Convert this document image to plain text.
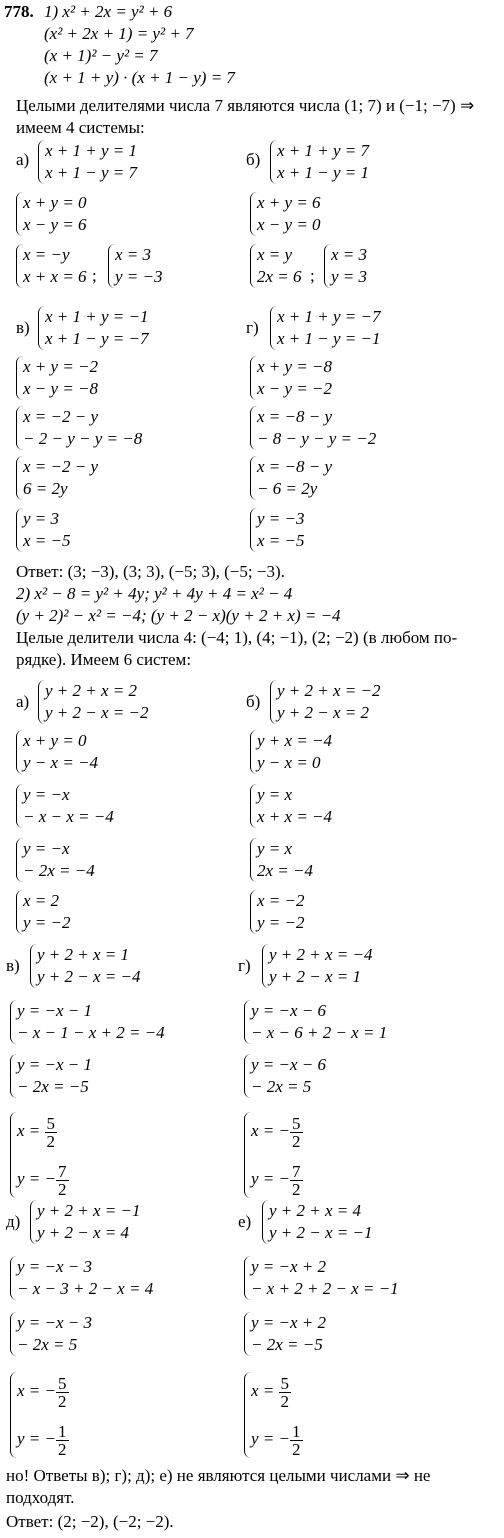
778. 1) x² + 2x = y² + 6
(x² + 2x + 1) = y² + 7
(x + 1)² − y² = 7
(x + 1 + y) · (x + 1 − y) = 7
Целыми делителями числа 7 являются числа (1; 7) и (−1; −7) ⇒
имеем 4 системы:
а) x + 1 + y = 1
x + 1 − y = 7
x + y = 0
x − y = 6
x = −y
x + x = 6 ;
x = 3
y = −3
б) x + 1 + y = 7
x + 1 − y = 1
x + y = 6
x − y = 0
x = y
2x = 6 ;
x = 3
y = 3
в)
x + 1 + y = −1
x + 1 − y = −7
x + y = −2
x − y = −8
x = −2 − y
− 2 − y − y = −8
x = −2 − y
6 = 2y
y = 3
x = −5
г)
x + 1 + y = −7
x + 1 − y = −1
x + y = −8
x − y = −2
x = −8 − y
− 8 − y − y = −2
x = −8 − y
− 6 = 2y
y = −3
x = −5
Ответ: (3; −3), (3; 3), (−5; 3), (−5; −3).
2) x² − 8 = y² + 4y; y² + 4y + 4 = x² − 4
(y + 2)² − x² = −4; (y + 2 − x)(y + 2 + x) = −4
Целые делители числа 4: (−4; 1), (4; −1), (2; −2) (в любом по-
рядке). Имеем 6 систем:
а)
y + 2 + x = 2
y + 2 − x = −2
x + y = 0
y − x = −4
y = −x
− x − x = −4
y = −x
− 2x = −4
x = 2
y = −2
б)
y + 2 + x = −2
y + 2 − x = 2
y + x = −4
y − x = 0
y = x
x + x = −4
y = x
2x = −4
x = −2
y = −2
в)
y + 2 + x = 1
y + 2 − x = −4
y = −x − 1
− x − 1 − x + 2 = −4
y = −x − 1
− 2x = −5
$x = \frac{5}{2}$
y = − $\frac{7}{2}$
г)
y + 2 + x = −4
y + 2 − x = 1
y = −x − 6
− x − 6 + 2 − x = 1
y = −x − 6
− 2x = 5
x = − $\frac{5}{2}$
y = − $\frac{7}{2}$
д)
y + 2 + x = −1
y + 2 − x = 4
y = −x − 3
− x − 3 + 2 − x = 4
y = −x − 3
− 2x = 5
x = − $\frac{5}{2}$
y = − $\frac{1}{2}$
е)
y + 2 + x = 4
y + 2 − x = −1
y = −x + 2
− x + 2 + 2 − x = −1
y = −x + 2
− 2x = −5
$x = \frac{5}{2}$
y = − $\frac{1}{2}$
но! Ответы в); г); д); е) не являются целыми числами ⇒ не
подходят.
Ответ: (2; −2), (−2; −2).
